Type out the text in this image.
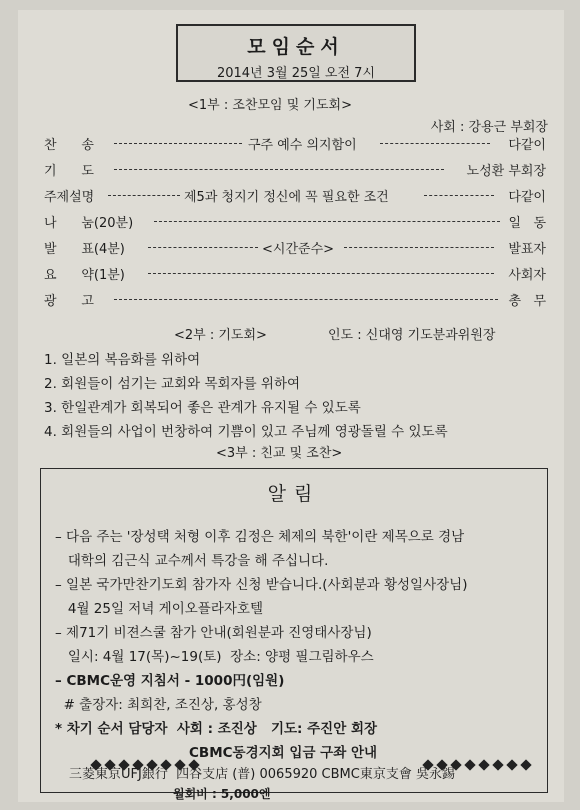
모임순서
2014년 3월 25일 오전 7시
<1부 : 조찬모임 및 기도회>
사회 : 강용근 부회장
찬      송	구주 예수 의지함이	다같이
기      도	노성환 부회장
주제설명	제5과 청지기 정신에 꼭 필요한 조건	다같이
나      눔(20분)	일   동
발      표(4분)	<시간준수>	발표자
요      약(1분)	사회자
광      고	총   무
<2부 : 기도회>	인도 : 신대영 기도분과위원장
1. 일본의 복음화를 위하여
2. 회원들이 섬기는 교회와 목회자를 위하여
3. 한일관계가 회복되어 좋은 관계가 유지될 수 있도록
4. 회원들의 사업이 번창하여 기쁨이 있고 주님께 영광돌릴 수 있도록
<3부 : 친교 및 조찬>
알림
– 다음 주는 '장성택 처형 이후 김정은 체제의 북한'이란 제목으로 경남
대학의 김근식 교수께서 특강을 해 주십니다.
– 일본 국가만찬기도회 참가자 신청 받습니다.(사회분과 황성일사장님)
4월 25일 저녁 게이오플라자호텔
– 제71기 비젼스쿨 참가 안내(회원분과 진영태사장님)
일시: 4월 17(목)~19(토)  장소: 양평 필그림하우스
– CBMC운영 지침서 - 1000円(임원)
# 출장자: 최희찬, 조진상, 홍성창
* 차기 순서 담당자  사회 : 조진상   기도: 주진안 회장

CBMC동경지회 입금 구좌 안내

三菱東京UFJ銀行  四谷支店 (普) 0065920 CBMC東京支會 吳永錫
월회비 : 5,000엔
